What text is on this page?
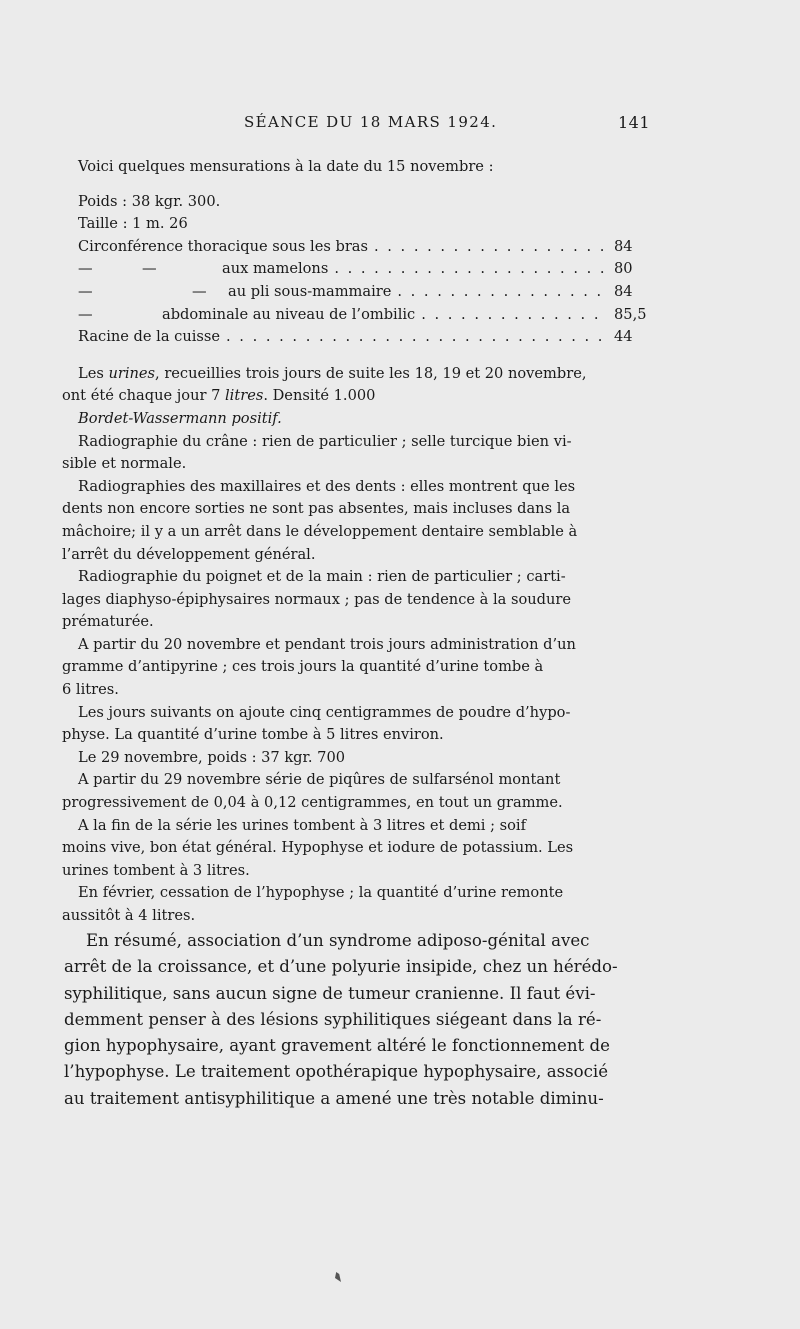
SÉANCE DU 18 MARS 1924.	141
Voici quelques mensurations à la date du 15 novembre :
Poids : 38 kgr. 300.
Taille : 1 m. 26
Circonférence thoracique sous les bras . . .	84
—	—	aux mamelons . . .	80
—	—	au pli sous-mammaire . . .	84
—	abdominale au niveau de l’ombilic . . .	85,5
Racine de la cuisse . . .	44
Les urines, recueillies trois jours de suite les 18, 19 et 20 novembre,
ont été chaque jour 7 litres. Densité 1.000
Bordet-Wassermann positif.
Radiographie du crâne : rien de particulier ; selle turcique bien vi-
sible et normale.
Radiographies des maxillaires et des dents : elles montrent que les
dents non encore sorties ne sont pas absentes, mais incluses dans la
mâchoire; il y a un arrêt dans le développement dentaire semblable à
l’arrêt du développement général.
Radiographie du poignet et de la main : rien de particulier ; carti-
lages diaphyso-épiphysaires normaux ; pas de tendence à la soudure
prématurée.
A partir du 20 novembre et pendant trois jours administration d’un
gramme d’antipyrine ; ces trois jours la quantité d’urine tombe à
6 litres.
Les jours suivants on ajoute cinq centigrammes de poudre d’hypo-
physe. La quantité d’urine tombe à 5 litres environ.
Le 29 novembre, poids : 37 kgr. 700
A partir du 29 novembre série de piqûres de sulfarsénol montant
progressivement de 0,04 à 0,12 centigrammes, en tout un gramme.
A la fin de la série les urines tombent à 3 litres et demi ; soif
moins vive, bon état général. Hypophyse et iodure de potassium. Les
urines tombent à 3 litres.
En février, cessation de l’hypophyse ; la quantité d’urine remonte
aussitôt à 4 litres.
En résumé, association d’un syndrome adiposo-génital avec
arrêt de la croissance, et d’une polyurie insipide, chez un hérédo-
syphilitique, sans aucun signe de tumeur cranienne. Il faut évi-
demment penser à des lésions syphilitiques siégeant dans la ré-
gion hypophysaire, ayant gravement altéré le fonctionnement de
l’hypophyse. Le traitement opothérapique hypophysaire, associé
au traitement antisyphilitique a amené une très notable diminu-
